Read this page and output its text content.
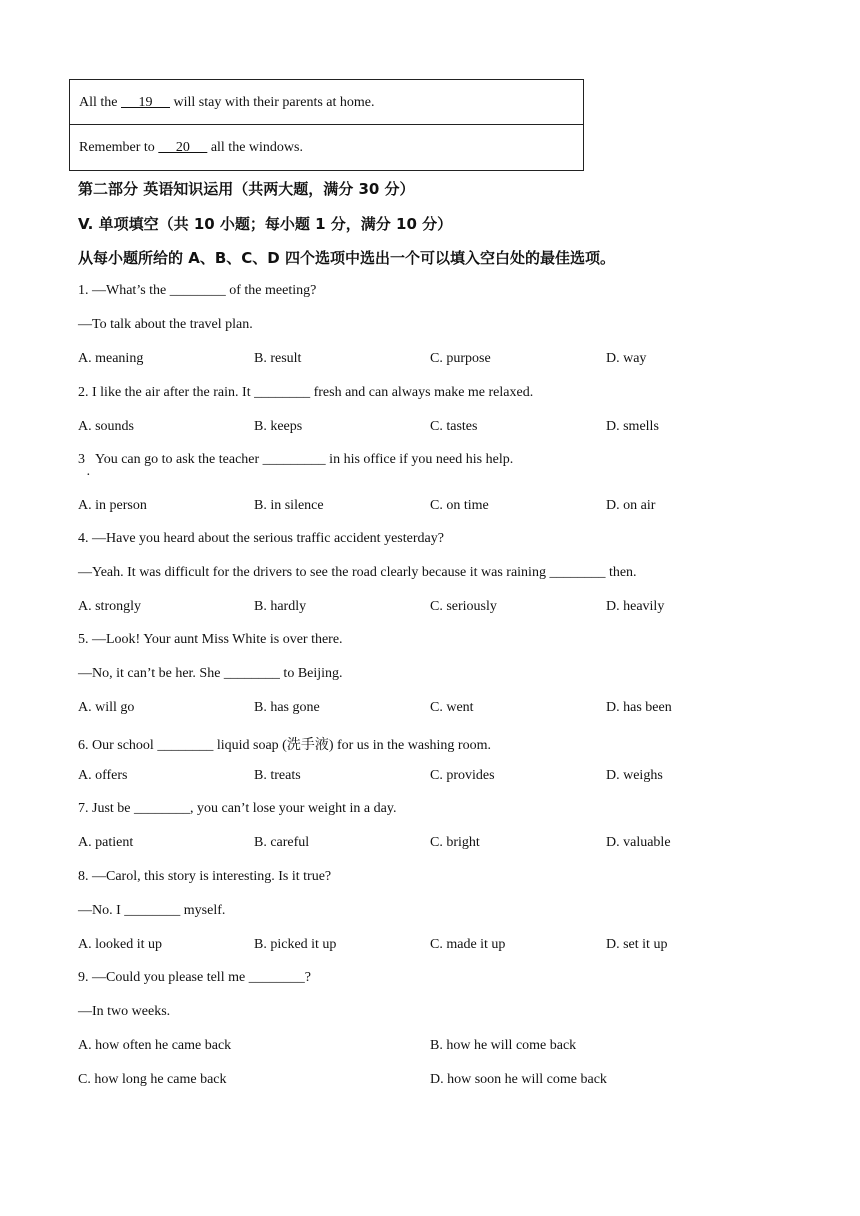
All the      19      will stay with their parents at home.
Remember to      20      all the windows.
第二部分 英语知识运用（共两大题，满分 30 分）
V. 单项填空（共 10 小题；每小题 1 分，满分 10 分）
从每小题所给的 A、B、C、D 四个选项中选出一个可以填入空白处的最佳选项。
1. —What’s the ________ of the meeting?
—To talk about the travel plan.
A. meaning	B. result	C. purpose	D. way
2. I like the air after the rain. It ________ fresh and can always make me relaxed.
A. sounds	B. keeps	C. tastes	D. smells
3   You can go to ask the teacher _________ in his office if you need his help.
·
A. in person	B. in silence	C. on time	D. on air
4. —Have you heard about the serious traffic accident yesterday?
—Yeah. It was difficult for the drivers to see the road clearly because it was raining ________ then.
A. strongly	B. hardly	C. seriously	D. heavily
5. —Look! Your aunt Miss White is over there.
—No, it can’t be her. She ________ to Beijing.
A. will go	B. has gone	C. went	D. has been
6. Our school ________ liquid soap (洗手液) for us in the washing room.
A. offers	B. treats	C. provides	D. weighs
7. Just be ________, you can’t lose your weight in a day.
A. patient	B. careful	C. bright	D. valuable
8. —Carol, this story is interesting. Is it true?
—No. I ________ myself.
A. looked it up	B. picked it up	C. made it up	D. set it up
9. —Could you please tell me ________?
—In two weeks.
A. how often he came back	B. how he will come back
C. how long he came back	D. how soon he will come back
